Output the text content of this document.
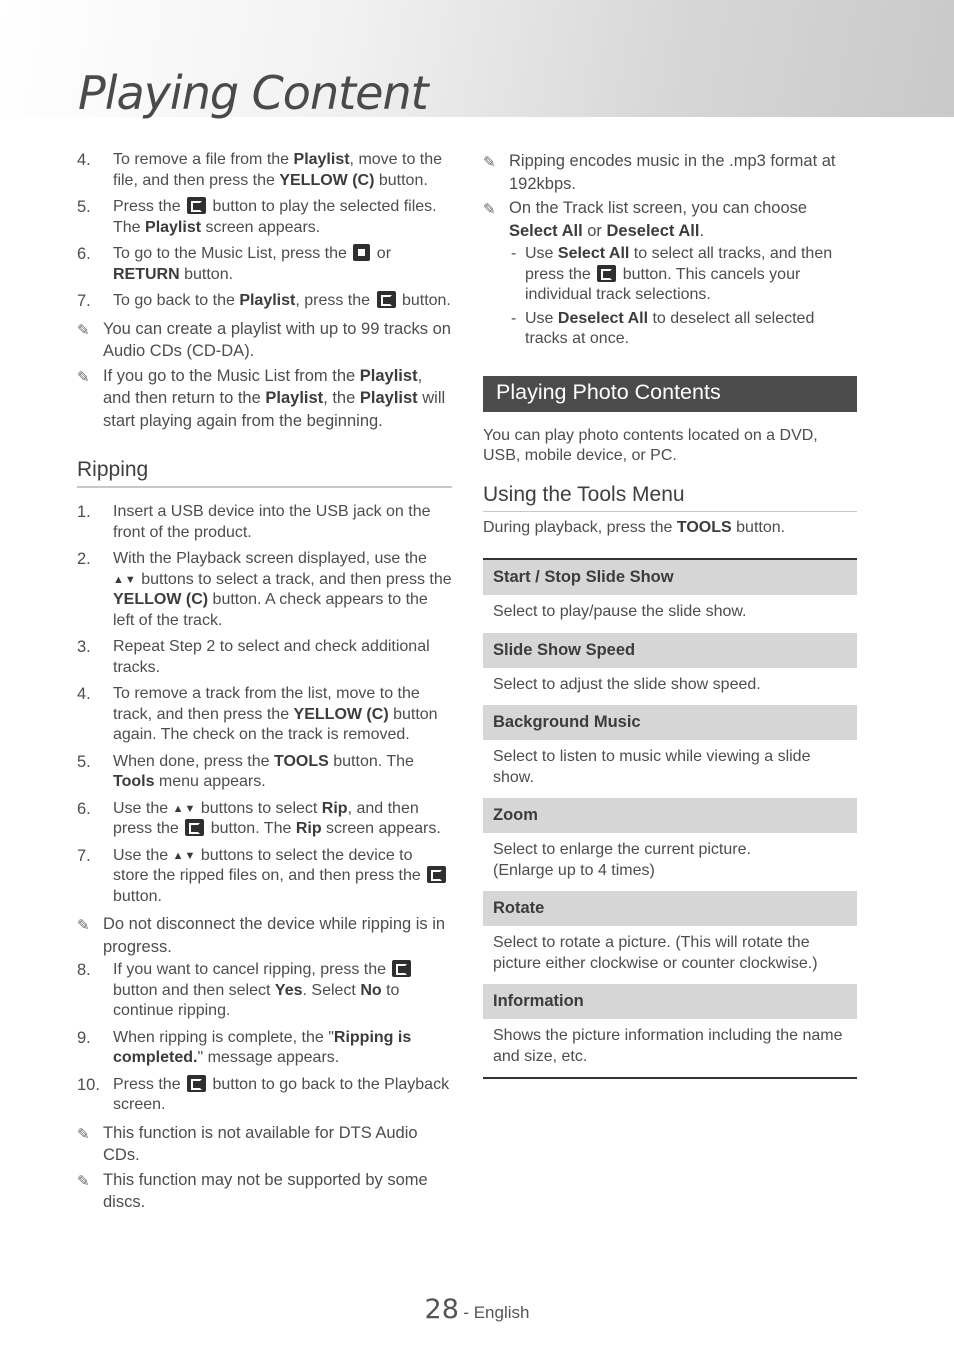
Playing Content
4.	To remove a file from the Playlist, move to the file, and then press the YELLOW (C) button.
5.	Press the  button to play the selected files. The Playlist screen appears.
6.	To go to the Music List, press the  or RETURN button.
7.	To go back to the Playlist, press the  button.
✎ You can create a playlist with up to 99 tracks on Audio CDs (CD-DA).
✎ If you go to the Music List from the Playlist, and then return to the Playlist, the Playlist will start playing again from the beginning.
Ripping
1.	Insert a USB device into the USB jack on the front of the product.
2.	With the Playback screen displayed, use the ▲▼ buttons to select a track, and then press the YELLOW (C) button. A check appears to the left of the track.
3.	Repeat Step 2 to select and check additional tracks.
4.	To remove a track from the list, move to the track, and then press the YELLOW (C) button again. The check on the track is removed.
5.	When done, press the TOOLS button. The Tools menu appears.
6.	Use the ▲▼ buttons to select Rip, and then press the  button. The Rip screen appears.
7.	Use the ▲▼ buttons to select the device to store the ripped files on, and then press the  button.
✎ Do not disconnect the device while ripping is in progress.
8.	If you want to cancel ripping, press the  button and then select Yes. Select No to continue ripping.
9.	When ripping is complete, the "Ripping is completed." message appears.
10. Press the  button to go back to the Playback screen.
✎ This function is not available for DTS Audio CDs.
✎ This function may not be supported by some discs.
✎ Ripping encodes music in the .mp3 format at 192kbps.
✎ On the Track list screen, you can choose Select All or Deselect All.
- Use Select All to select all tracks, and then press the  button. This cancels your individual track selections.
- Use Deselect All to deselect all selected tracks at once.
Playing Photo Contents

You can play photo contents located on a DVD, USB, mobile device, or PC.

Using the Tools Menu

During playback, press the TOOLS button.

Start / Stop Slide Show
Select to play/pause the slide show.
Slide Show Speed
Select to adjust the slide show speed.
Background Music
Select to listen to music while viewing a slide show.
Zoom
Select to enlarge the current picture.
(Enlarge up to 4 times)
Rotate
Select to rotate a picture. (This will rotate the picture either clockwise or counter clockwise.)
Information
Shows the picture information including the name and size, etc.
28 - English
